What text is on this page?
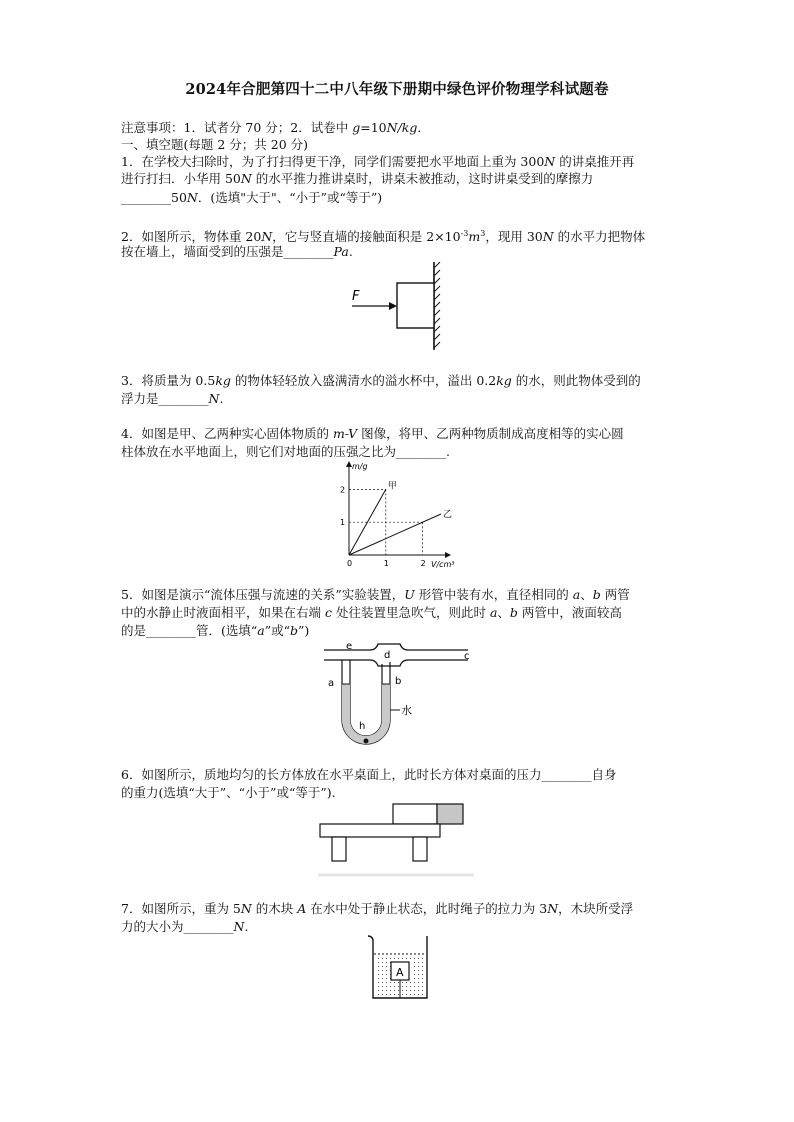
2024年合肥第四十二中八年级下册期中绿色评价物理学科试题卷
注意事项：1．试者分 70 分；2．试卷中 g=10N/kg．
一、填空题(每题 2 分；共 20 分)
1．在学校大扫除时，为了打扫得更干净，同学们需要把水平地面上重为 300N 的讲桌推开再
进行打扫．小华用 50N 的水平推力推讲桌时，讲桌未被推动，这时讲桌受到的摩擦力
________50N．(选填"大于"、“小于”或“等于”)
2．如图所示，物体重 20N，它与竖直墙的接触面积是 $2\times 10^{-3}m^3$，现用 30N 的水平力把物体
按在墙上，墙面受到的压强是________Pa.
F
3．将质量为 0.5kg 的物体轻轻放入盛满清水的溢水杯中，溢出 0.2kg 的水，则此物体受到的
浮力是________N.
4．如图是甲、乙两种实心固体物质的 m-V 图像，将甲、乙两种物质制成高度相等的实心圆
柱体放在水平地面上，则它们对地面的压强之比为________.
m/g
V/cm³
0	1	2
1
2	甲
乙
5．如图是演示“流体压强与流速的关系”实验装置，U 形管中装有水，直径相同的 a、b 两管
中的水静止时液面相平，如果在右端 c 处往装置里急吹气，则此时 a、b 两管中，液面较高
的是________管．(选填“a”或“b”)
e
d	c
a	b
h
水
6．如图所示，质地均匀的长方体放在水平桌面上，此时长方体对桌面的压力________自身
的重力(选填“大于”、“小于”或“等于”).
7．如图所示，重为 5N 的木块 A 在水中处于静止状态，此时绳子的拉力为 3N，木块所受浮
力的大小为________N.
A
